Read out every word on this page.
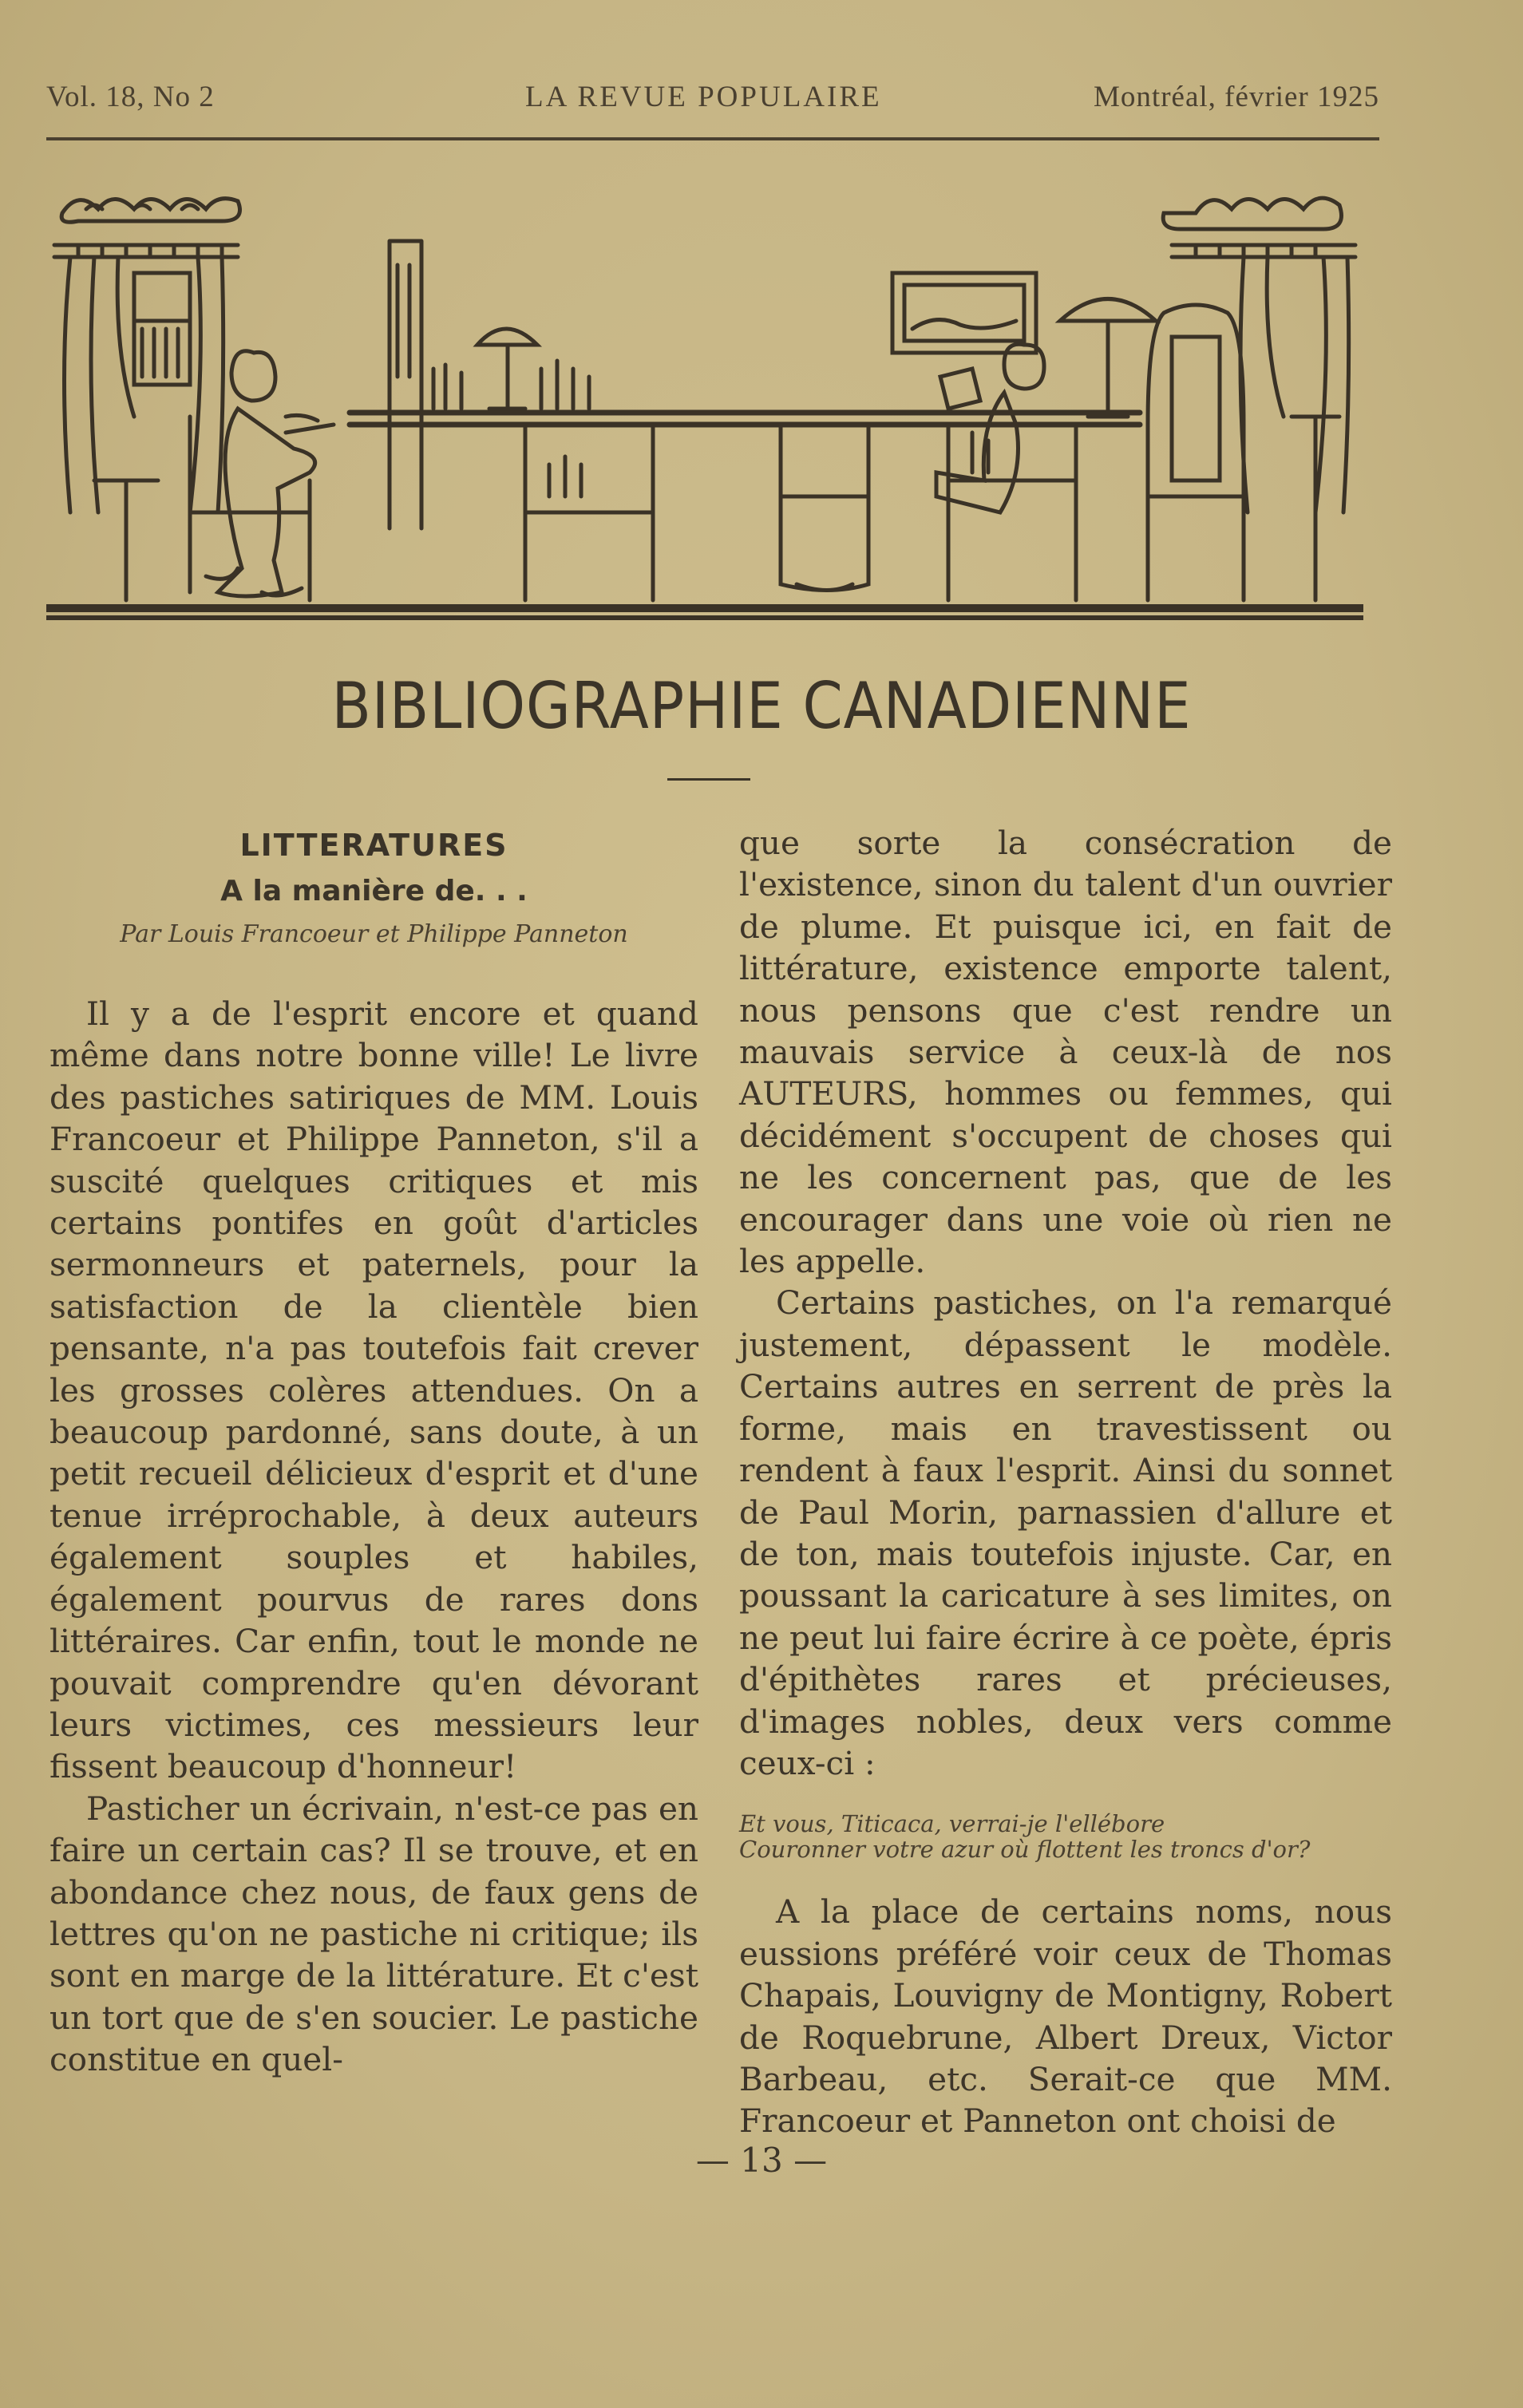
Vol. 18, No 2	LA REVUE POPULAIRE	Montréal, février 1925
BIBLIOGRAPHIE CANADIENNE
LITTERATURES
A la manière de. . .
Par Louis Francoeur et Philippe Panneton

Il y a de l'esprit encore et quand même dans notre bonne ville! Le livre des pastiches satiriques de MM. Louis Francoeur et Philippe Panneton, s'il a suscité quelques critiques et mis certains pontifes en goût d'articles sermonneurs et paternels, pour la satisfaction de la clientèle bien pensante, n'a pas toutefois fait crever les grosses colères attendues. On a beaucoup pardonné, sans doute, à un petit recueil délicieux d'esprit et d'une tenue irréprochable, à deux auteurs également souples et habiles, également pourvus de rares dons littéraires. Car enfin, tout le monde ne pouvait comprendre qu'en dévorant leurs victimes, ces messieurs leur fissent beaucoup d'honneur!

Pasticher un écrivain, n'est-ce pas en faire un certain cas? Il se trouve, et en abondance chez nous, de faux gens de lettres qu'on ne pastiche ni critique; ils sont en marge de la littérature. Et c'est un tort que de s'en soucier. Le pastiche constitue en quel-

que sorte la consécration de l'existence, sinon du talent d'un ouvrier de plume. Et puisque ici, en fait de littérature, existence emporte talent, nous pensons que c'est rendre un mauvais service à ceux-là de nos AUTEURS, hommes ou femmes, qui décidément s'occupent de choses qui ne les concernent pas, que de les encourager dans une voie où rien ne les appelle.

Certains pastiches, on l'a remarqué justement, dépassent le modèle. Certains autres en serrent de près la forme, mais en travestissent ou rendent à faux l'esprit. Ainsi du sonnet de Paul Morin, parnassien d'allure et de ton, mais toutefois injuste. Car, en poussant la caricature à ses limites, on ne peut lui faire écrire à ce poète, épris d'épithètes rares et précieuses, d'images nobles, deux vers comme ceux-ci :

Et vous, Titicaca, verrai-je l'ellébore
Couronner votre azur où flottent les troncs d'or?

A la place de certains noms, nous eussions préféré voir ceux de Thomas Chapais, Louvigny de Montigny, Robert de Roquebrune, Albert Dreux, Victor Barbeau, etc. Serait-ce que MM. Francoeur et Panneton ont choisi de

— 13 —
